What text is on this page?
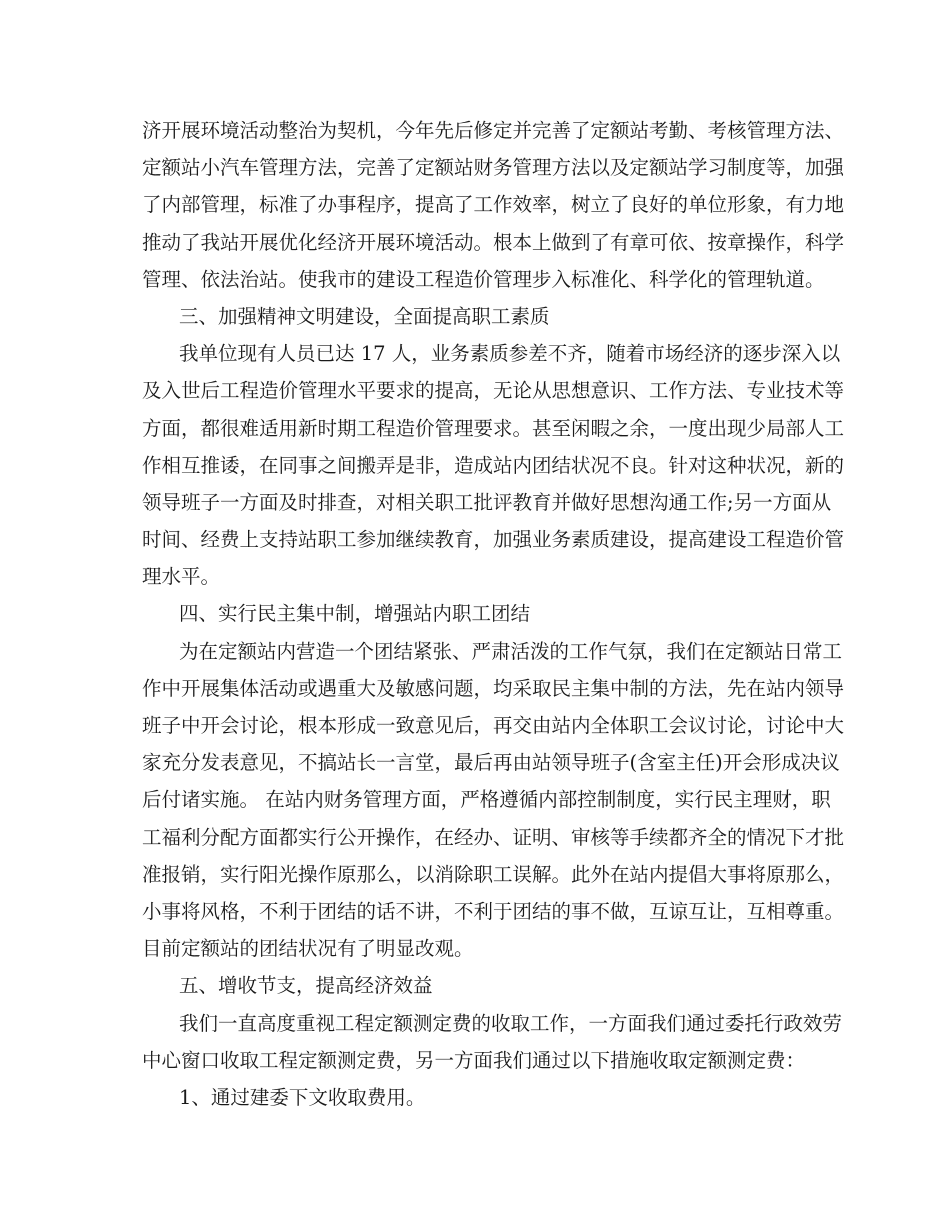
济开展环境活动整治为契机，今年先后修定并完善了定额站考勤、考核管理方法、
定额站小汽车管理方法，完善了定额站财务管理方法以及定额站学习制度等，加强
了内部管理，标准了办事程序，提高了工作效率，树立了良好的单位形象，有力地
推动了我站开展优化经济开展环境活动。根本上做到了有章可依、按章操作，科学
管理、依法治站。使我市的建设工程造价管理步入标准化、科学化的管理轨道。
三、加强精神文明建设，全面提高职工素质
我单位现有人员已达 17 人，业务素质参差不齐，随着市场经济的逐步深入以
及入世后工程造价管理水平要求的提高，无论从思想意识、工作方法、专业技术等
方面，都很难适用新时期工程造价管理要求。甚至闲暇之余，一度出现少局部人工
作相互推诿，在同事之间搬弄是非，造成站内团结状况不良。针对这种状况，新的
领导班子一方面及时排查，对相关职工批评教育并做好思想沟通工作;另一方面从
时间、经费上支持站职工参加继续教育，加强业务素质建设，提高建设工程造价管
理水平。
四、实行民主集中制，增强站内职工团结
为在定额站内营造一个团结紧张、严肃活泼的工作气氛，我们在定额站日常工
作中开展集体活动或遇重大及敏感问题，均采取民主集中制的方法，先在站内领导
班子中开会讨论，根本形成一致意见后，再交由站内全体职工会议讨论，讨论中大
家充分发表意见，不搞站长一言堂，最后再由站领导班子(含室主任)开会形成决议
后付诸实施。 在站内财务管理方面，严格遵循内部控制制度，实行民主理财，职
工福利分配方面都实行公开操作，在经办、证明、审核等手续都齐全的情况下才批
准报销，实行阳光操作原那么，以消除职工误解。此外在站内提倡大事将原那么，
小事将风格，不利于团结的话不讲，不利于团结的事不做，互谅互让，互相尊重。
目前定额站的团结状况有了明显改观。
五、增收节支，提高经济效益
我们一直高度重视工程定额测定费的收取工作，一方面我们通过委托行政效劳
中心窗口收取工程定额测定费，另一方面我们通过以下措施收取定额测定费：
1、通过建委下文收取费用。
